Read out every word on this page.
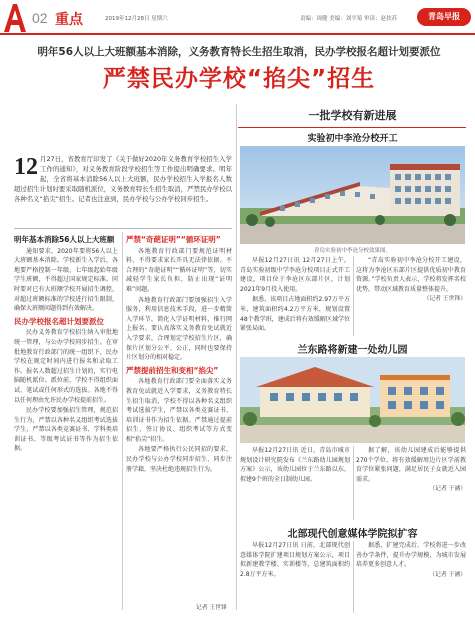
02 重点	2019年12月28日 星期六	责编：周健 美编：刘平菊 审读：赵扶苏	青岛早报
明年56人以上大班额基本消除，义务教育特长生招生取消，民办学校报名超计划要派位
严禁民办学校“掐尖”招生
12 月27日，省教育厅印发了《关于做好2020年义务教育学校招生入学工作的通知》，对义务教育阶段学校招生等工作提出明确要求。明年起，全省将基本消除56人以上大班额，民办学校招生入学报名人数超过招生计划时要采取随机派位，义务教育特长生招生取消，严禁民办学校以各种名义“掐尖”招生。记者也注意到，民办学校与公办学校同步招生。
明年基本消除56人以上大班额

通知要求，2020年要将56人以上大班额基本消除。学校新生入学后，各地要严格控制一年级、七年级起始年级学生班额，不得超过国家规定标准。同时要对已有大班额学校开展招生调控，对超过班额标准的学校进行招生限制，确保大班额问题得到有效解决。

民办学校报名超计划要派位

民办义务教育学校招生纳入审批地统一管理，与公办学校同步招生。在审批地教育行政部门的统一组织下，民办学校在规定时间内进行报名和录取工作。报名人数超过招生计划的，实行电脑随机派位。派位前，学校不得组织面试、笔试或任何形式的选拔。各地不得以任何理由允许民办学校提前招生。

民办学校要加强招生管理，规范招生行为，严禁以各种名义组织考试选拔学生，严禁以各类竞赛证书、学科类培训证书、等级考试证书等作为招生依据。

严禁“奇葩证明”“循环证明”

各地教育行政部门要规范证明材料，不得要求家长开具无法律依据、不合理的“奇葩证明”“循环证明”等，切实减轻学生家长负担，防止出现“证明难”问题。

各地教育行政部门要加强招生入学服务，利用信息技术手段，进一步精简入学环节，简化入学证明材料，推行网上报名。要认真落实义务教育免试就近入学要求，合理划定学校招生片区，确保片区划分公平、公正，同时也要保持片区划分的相对稳定。

严禁提前招生和变相“掐尖”

各地教育行政部门要全面落实义务教育免试就近入学要求，义务教育特长生招生取消，学校不得以各种名义组织考试选拔学生，严禁以各类竞赛证书、培训证书作为招生依据。严禁通过提前招生、签订协议、组织考试等方式变相“掐尖”招生。

各地要严格执行公民同招的要求，民办学校与公办学校同步招生、同步注册学籍，坚决杜绝违规招生行为。

记者 王世锋
一批学校有新进展
实验初中李沧分校开工
青岛实验初中李沧分校效果图。

早报12月27日讯 12月27日上午，青岛实验初级中学李沧分校项目正式开工建设，项目位于李沧区东部片区，计划2021年9月投入使用。

据悉，该项目占地面积约2.97万平方米，建筑面积约4.2万平方米，规划设置48个教学班，建成后将有效缓解区域学位紧张局面。

“青岛实验初中李沧分校开工建设，这将为李沧区东部片区提供优质初中教育资源。”学校负责人表示，学校将发挥名校优势，带动区域教育质量整体提升。

（记者 王世锋）
兰东路将新建一处幼儿园

早报12月27日讯 近日，青岛市城市规划设计研究院发布《兰东路幼儿园规划方案》公示，该幼儿园位于兰东路以东，拟建9个班的全日制幼儿园。

据了解，该幼儿园建成后能够提供270个学位，将有效缓解周边片区学前教育学位紧张问题，满足居民子女就近入园需求。

（记者 于涵）
北部现代创意媒体学院拟扩容

早报12月27日讯 日前，北部现代创意媒体学院扩建项目规划方案公示，项目拟新建教学楼、实训楼等，总建筑面积约2.8万平方米。

据悉，扩建完成后，学校将进一步改善办学条件，提升办学规模，为城市发展培养更多创意人才。

（记者 于涵）
